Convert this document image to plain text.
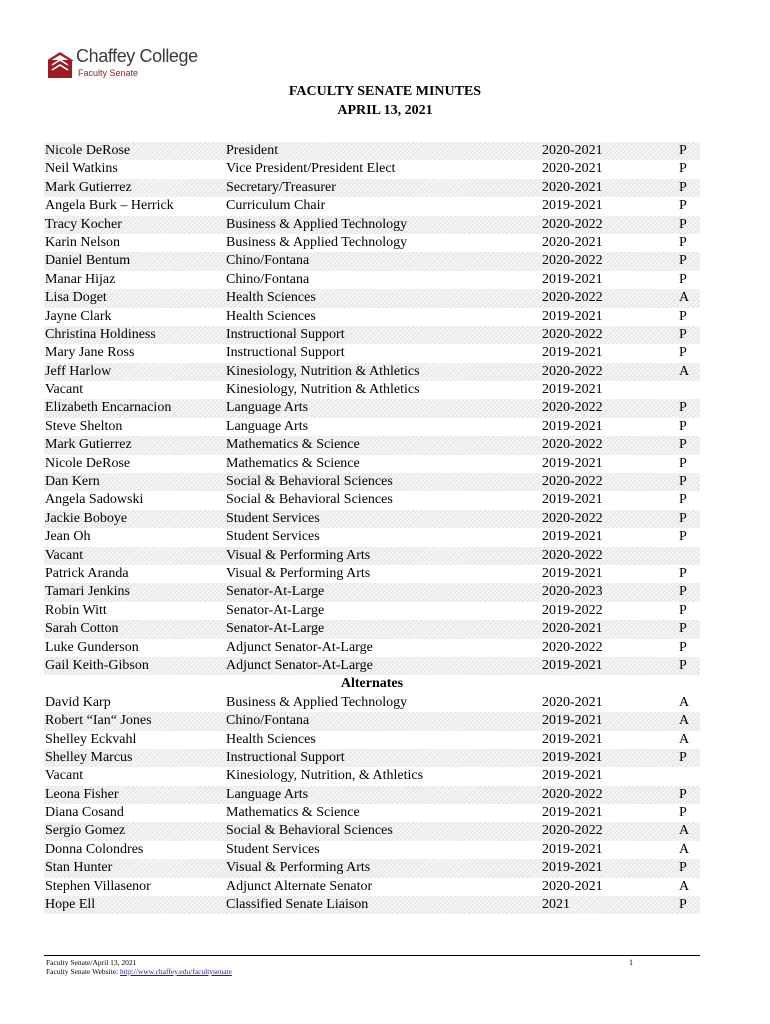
Chaffey College
Faculty Senate
FACULTY SENATE MINUTES
APRIL 13, 2021
Nicole DeRose	President	2020-2021	P
Neil Watkins	Vice President/President Elect	2020-2021	P
Mark Gutierrez	Secretary/Treasurer	2020-2021	P
Angela Burk – Herrick	Curriculum Chair	2019-2021	P
Tracy Kocher	Business & Applied Technology	2020-2022	P
Karin Nelson	Business & Applied Technology	2020-2021	P
Daniel Bentum	Chino/Fontana	2020-2022	P
Manar Hijaz	Chino/Fontana	2019-2021	P
Lisa Doget	Health Sciences	2020-2022	A
Jayne Clark	Health Sciences	2019-2021	P
Christina Holdiness	Instructional Support	2020-2022	P
Mary Jane Ross	Instructional Support	2019-2021	P
Jeff Harlow	Kinesiology, Nutrition & Athletics	2020-2022	A
Vacant	Kinesiology, Nutrition & Athletics	2019-2021
Elizabeth Encarnacion	Language Arts	2020-2022	P
Steve Shelton	Language Arts	2019-2021	P
Mark Gutierrez	Mathematics & Science	2020-2022	P
Nicole DeRose	Mathematics & Science	2019-2021	P
Dan Kern	Social & Behavioral Sciences	2020-2022	P
Angela Sadowski	Social & Behavioral Sciences	2019-2021	P
Jackie Boboye	Student Services	2020-2022	P
Jean Oh	Student Services	2019-2021	P
Vacant	Visual & Performing Arts	2020-2022
Patrick Aranda	Visual & Performing Arts	2019-2021	P
Tamari Jenkins	Senator-At-Large	2020-2023	P
Robin Witt	Senator-At-Large	2019-2022	P
Sarah Cotton	Senator-At-Large	2020-2021	P
Luke Gunderson	Adjunct Senator-At-Large	2020-2022	P
Gail Keith-Gibson	Adjunct Senator-At-Large	2019-2021	P
Alternates
David Karp	Business & Applied Technology	2020-2021	A
Robert “Ian“ Jones	Chino/Fontana	2019-2021	A
Shelley Eckvahl	Health Sciences	2019-2021	A
Shelley Marcus	Instructional Support	2019-2021	P
Vacant	Kinesiology, Nutrition, & Athletics	2019-2021
Leona Fisher	Language Arts	2020-2022	P
Diana Cosand	Mathematics & Science	2019-2021	P
Sergio Gomez	Social & Behavioral Sciences	2020-2022	A
Donna Colondres	Student Services	2019-2021	A
Stan Hunter	Visual & Performing Arts	2019-2021	P
Stephen Villasenor	Adjunct Alternate Senator	2020-2021	A
Hope Ell	Classified Senate Liaison	2021	P
Faculty Senate/April 13, 2021
Faculty Senate Website: http://www.chaffey.edu/facultysenate
1
